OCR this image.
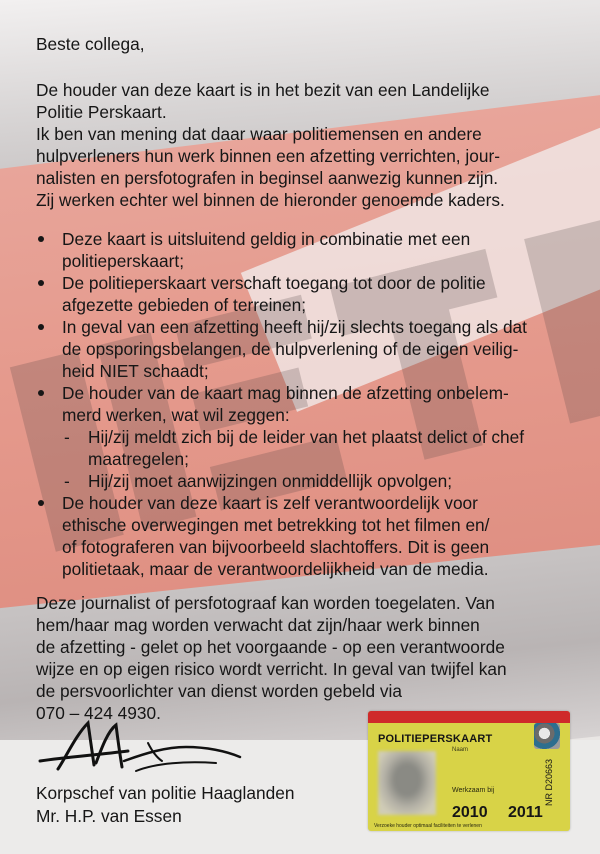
Beste collega,

De houder van deze kaart is in het bezit van een Landelijke
Politie Perskaart.
Ik ben van mening dat daar waar politiemensen en andere
hulpverleners hun werk binnen een afzetting verrichten, jour-
nalisten en persfotografen in beginsel aanwezig kunnen zijn.
Zij werken echter wel binnen de hieronder genoemde kaders.

Deze kaart is uitsluitend geldig in combinatie met een
politieperskaart;
De politieperskaart verschaft toegang tot door de politie
afgezette gebieden of terreinen;
In geval van een afzetting heeft hij/zij slechts toegang als dat
de opsporingsbelangen, de hulpverlening of de eigen veilig-
heid NIET schaadt;
De houder van de kaart mag binnen de afzetting onbelem-
merd werken, wat wil zeggen:
- Hij/zij meldt zich bij de leider van het plaatst delict of chef
maatregelen;
- Hij/zij moet aanwijzingen onmiddellijk opvolgen;
De houder van deze kaart is zelf verantwoordelijk voor
ethische overwegingen met betrekking tot het filmen en/
of fotograferen van bijvoorbeeld slachtoffers. Dit is geen
politietaak, maar de verantwoordelijkheid van de media.

Deze journalist of persfotograaf kan worden toegelaten. Van
hem/haar mag worden verwacht dat zijn/haar werk binnen
de afzetting - gelet op het voorgaande - op een verantwoorde
wijze en op eigen risico wordt verricht. In geval van twijfel kan
de persvoorlichter van dienst worden gebeld via
070 – 424 4930.

Korpschef van politie Haaglanden

Mr. H.P. van Essen

POLITIEPERSKAART
Naam
Werkzaam bij
2010 2011
NR D20663
Verzoeke houder optimaal faciliteiten te verlenen
